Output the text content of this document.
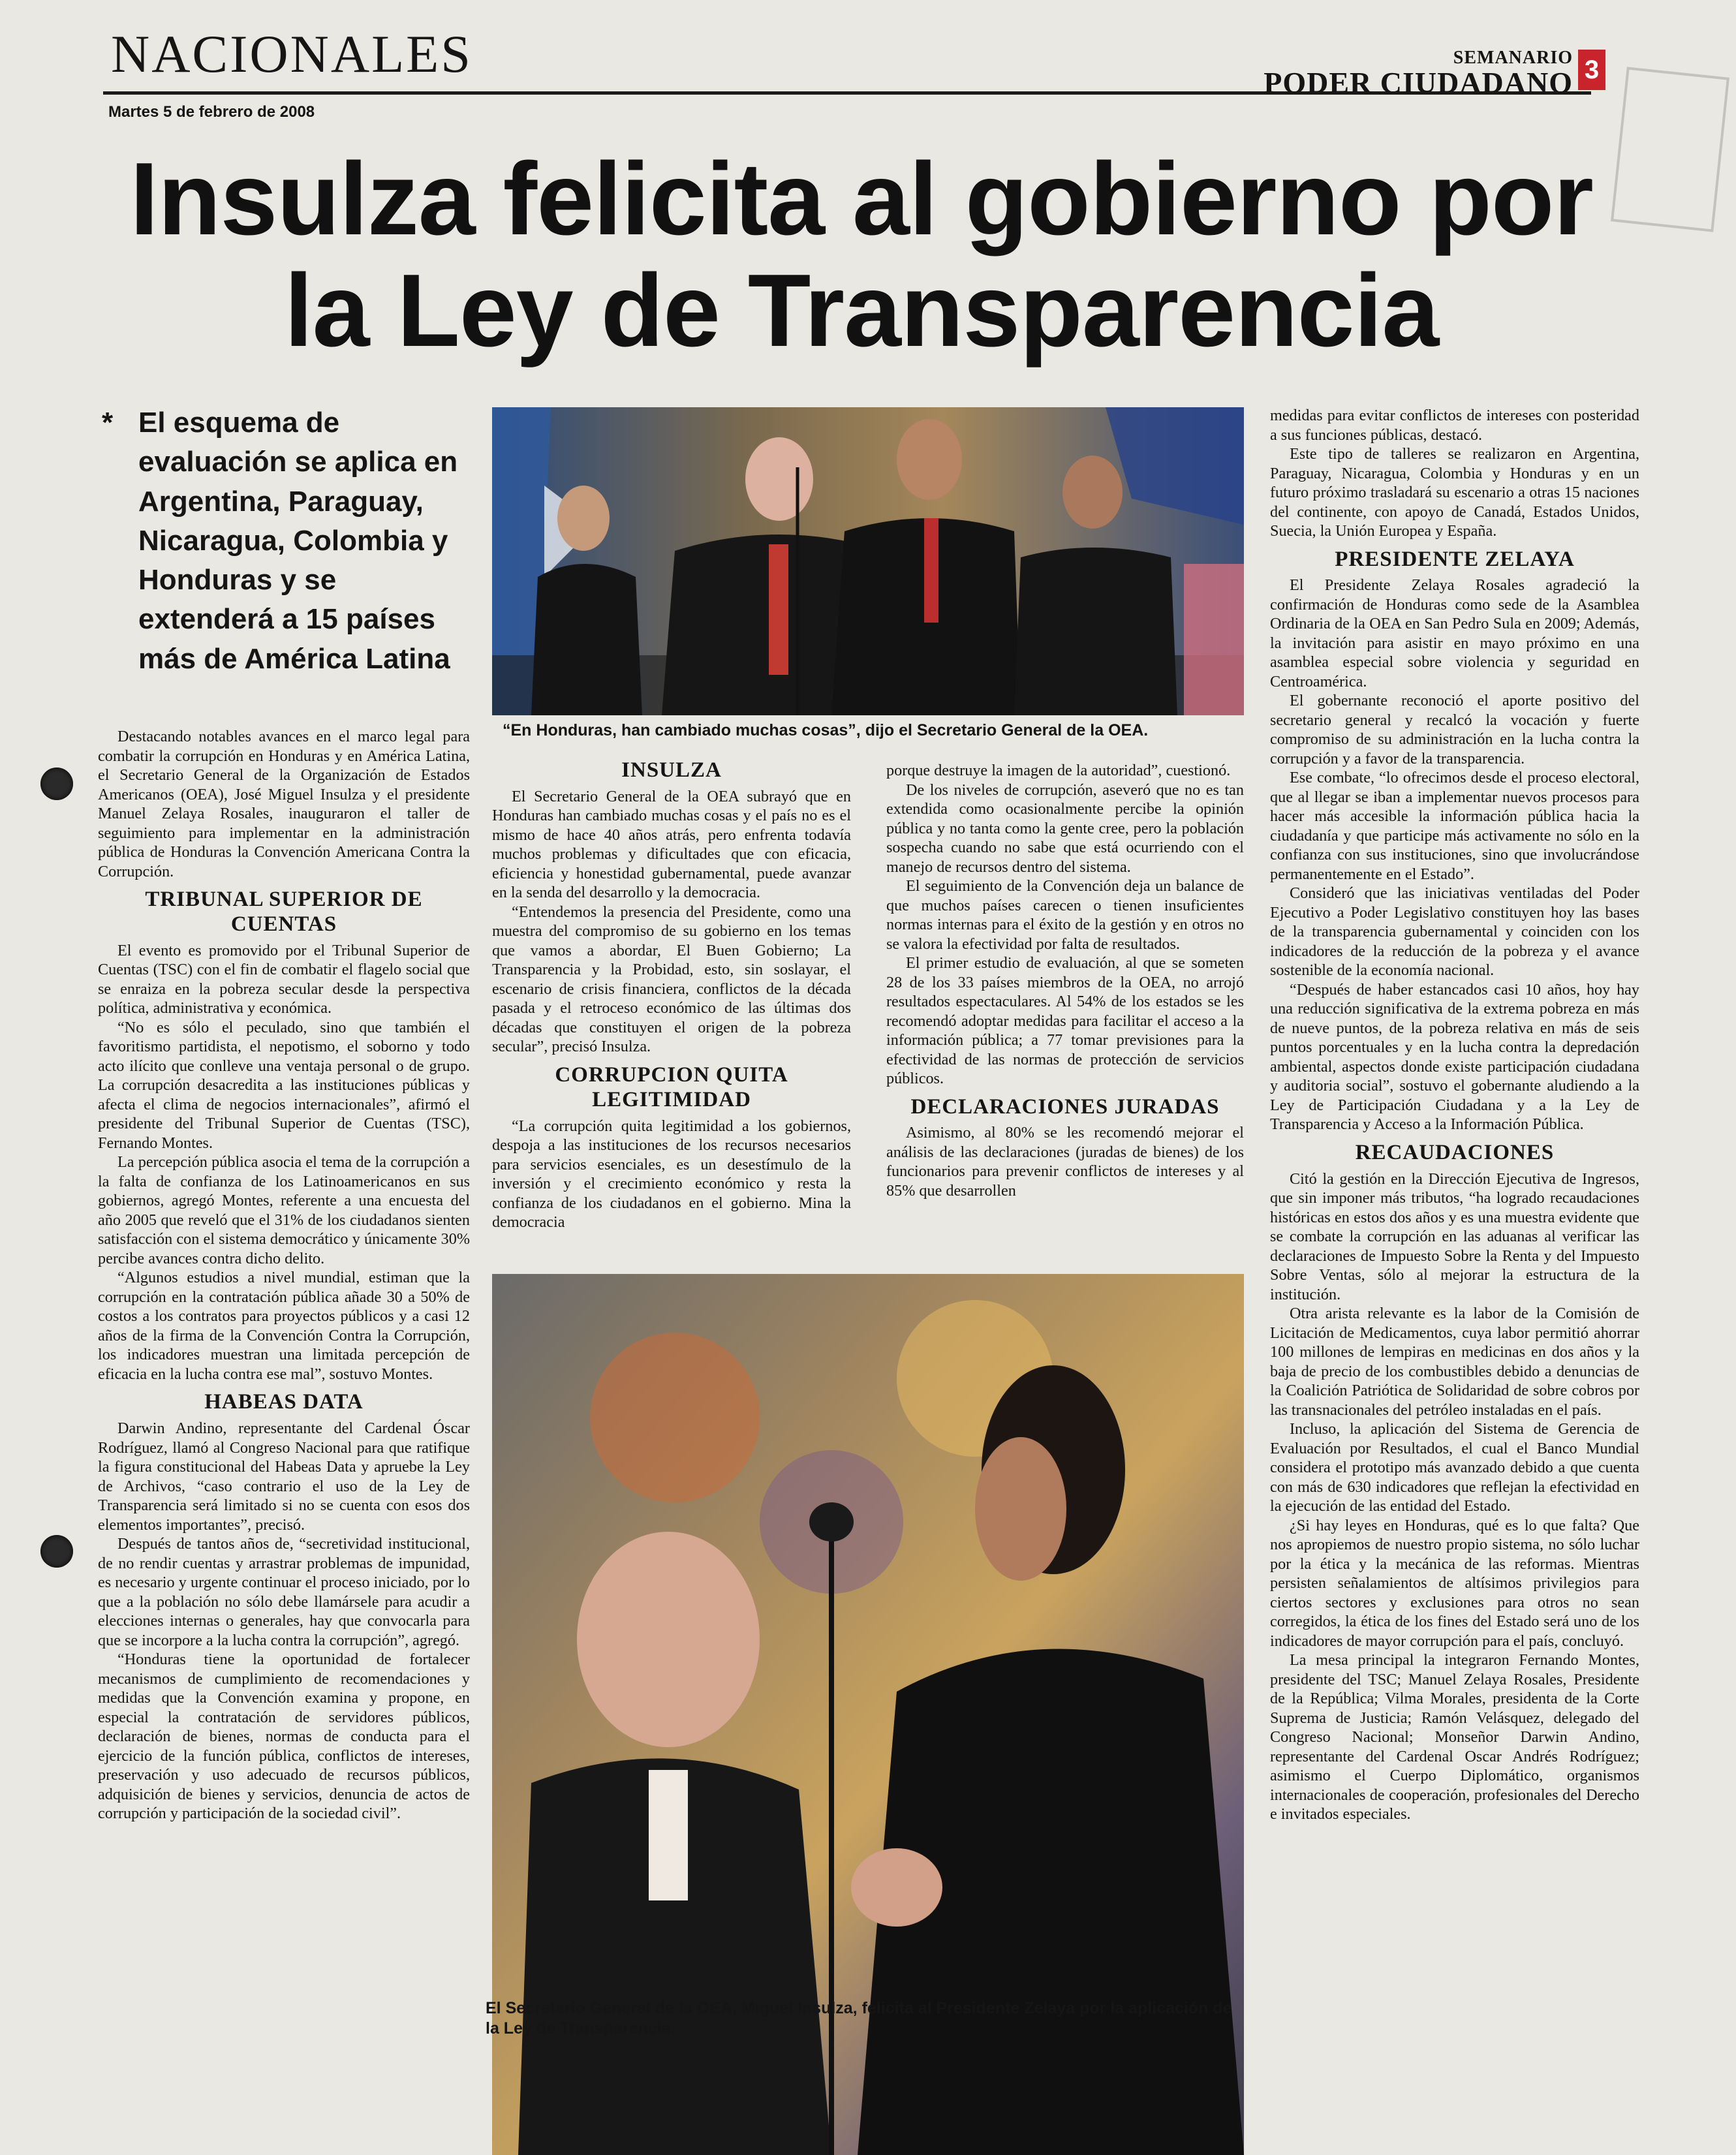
NACIONALES
Martes 5 de febrero de 2008
SEMANARIO
PODER CIUDADANO 3
Insulza felicita al gobierno por la Ley de Transparencia
* El esquema de evaluación se aplica en Argentina, Paraguay, Nicaragua, Colombia y Honduras y se extenderá a 15 países más de América Latina
“En Honduras, han cambiado muchas cosas”, dijo el Secretario General de la OEA.
El Secretario General de la OEA, Miguel Insulza, felicita al Presidente Zelaya por la aplicación de la Ley de Transparencia.

Destacando notables avances en el marco legal para combatir la corrupción en Honduras y en América Latina, el Secretario General de la Organización de Estados Americanos (OEA), José Miguel Insulza y el presidente Manuel Zelaya Rosales, inauguraron el taller de seguimiento para implementar en la administración pública de Honduras la Convención Americana Contra la Corrupción.

TRIBUNAL SUPERIOR DE CUENTAS

El evento es promovido por el Tribunal Superior de Cuentas (TSC) con el fin de combatir el flagelo social que se enraiza en la pobreza secular desde la perspectiva política, administrativa y económica.

“No es sólo el peculado, sino que también el favoritismo partidista, el nepotismo, el soborno y todo acto ilícito que conlleve una ventaja personal o de grupo. La corrupción desacredita a las instituciones públicas y afecta el clima de negocios internacionales”, afirmó el presidente del Tribunal Superior de Cuentas (TSC), Fernando Montes.

La percepción pública asocia el tema de la corrupción a la falta de confianza de los Latinoamericanos en sus gobiernos, agregó Montes, referente a una encuesta del año 2005 que reveló que el 31% de los ciudadanos sienten satisfacción con el sistema democrático y únicamente 30% percibe avances contra dicho delito.

“Algunos estudios a nivel mundial, estiman que la corrupción en la contratación pública añade 30 a 50% de costos a los contratos para proyectos públicos y a casi 12 años de la firma de la Convención Contra la Corrupción, los indicadores muestran una limitada percepción de eficacia en la lucha contra ese mal”, sostuvo Montes.

HABEAS DATA

Darwin Andino, representante del Cardenal Óscar Rodríguez, llamó al Congreso Nacional para que ratifique la figura constitucional del Habeas Data y apruebe la Ley de Archivos, “caso contrario el uso de la Ley de Transparencia será limitado si no se cuenta con esos dos elementos importantes”, precisó.

Después de tantos años de, “secretividad institucional, de no rendir cuentas y arrastrar problemas de impunidad, es necesario y urgente continuar el proceso iniciado, por lo que a la población no sólo debe llamársele para acudir a elecciones internas o generales, hay que convocarla para que se incorpore a la lucha contra la corrupción”, agregó.

“Honduras tiene la oportunidad de fortalecer mecanismos de cumplimiento de recomendaciones y medidas que la Convención examina y propone, en especial la contratación de servidores públicos, declaración de bienes, normas de conducta para el ejercicio de la función pública, conflictos de intereses, preservación y uso adecuado de recursos públicos, adquisición de bienes y servicios, denuncia de actos de corrupción y participación de la sociedad civil”.

INSULZA

El Secretario General de la OEA subrayó que en Honduras han cambiado muchas cosas y el país no es el mismo de hace 40 años atrás, pero enfrenta todavía muchos problemas y dificultades que con eficacia, eficiencia y honestidad gubernamental, puede avanzar en la senda del desarrollo y la democracia.

“Entendemos la presencia del Presidente, como una muestra del compromiso de su gobierno en los temas que vamos a abordar, El Buen Gobierno; La Transparencia y la Probidad, esto, sin soslayar, el escenario de crisis financiera, conflictos de la década pasada y el retroceso económico de las últimas dos décadas que constituyen el origen de la pobreza secular”, precisó Insulza.

CORRUPCION QUITA LEGITIMIDAD

“La corrupción quita legitimidad a los gobiernos, despoja a las instituciones de los recursos necesarios para servicios esenciales, es un desestímulo de la inversión y el crecimiento económico y resta la confianza de los ciudadanos en el gobierno. Mina la democracia

porque destruye la imagen de la autoridad”, cuestionó.

De los niveles de corrupción, aseveró que no es tan extendida como ocasionalmente percibe la opinión pública y no tanta como la gente cree, pero la población sospecha cuando no sabe que está ocurriendo con el manejo de recursos dentro del sistema.

El seguimiento de la Convención deja un balance de que muchos países carecen o tienen insuficientes normas internas para el éxito de la gestión y en otros no se valora la efectividad por falta de resultados.

El primer estudio de evaluación, al que se someten 28 de los 33 países miembros de la OEA, no arrojó resultados espectaculares. Al 54% de los estados se les recomendó adoptar medidas para facilitar el acceso a la información pública; a 77 tomar previsiones para la efectividad de las normas de protección de servicios públicos.

DECLARACIONES JURADAS

Asimismo, al 80% se les recomendó mejorar el análisis de las declaraciones (juradas de bienes) de los funcionarios para prevenir conflictos de intereses y al 85% que desarrollen

medidas para evitar conflictos de intereses con posteridad a sus funciones públicas, destacó.

Este tipo de talleres se realizaron en Argentina, Paraguay, Nicaragua, Colombia y Honduras y en un futuro próximo trasladará su escenario a otras 15 naciones del continente, con apoyo de Canadá, Estados Unidos, Suecia, la Unión Europea y España.

PRESIDENTE ZELAYA

El Presidente Zelaya Rosales agradeció la confirmación de Honduras como sede de la Asamblea Ordinaria de la OEA en San Pedro Sula en 2009; Además, la invitación para asistir en mayo próximo en una asamblea especial sobre violencia y seguridad en Centroamérica.

El gobernante reconoció el aporte positivo del secretario general y recalcó la vocación y fuerte compromiso de su administración en la lucha contra la corrupción y a favor de la transparencia.

Ese combate, “lo ofrecimos desde el proceso electoral, que al llegar se iban a implementar nuevos procesos para hacer más accesible la información pública hacia la ciudadanía y que participe más activamente no sólo en la confianza con sus instituciones, sino que involucrándose permanentemente en el Estado”.

Consideró que las iniciativas ventiladas del Poder Ejecutivo a Poder Legislativo constituyen hoy las bases de la transparencia gubernamental y coinciden con los indicadores de la reducción de la pobreza y el avance sostenible de la economía nacional.

“Después de haber estancados casi 10 años, hoy hay una reducción significativa de la extrema pobreza en más de nueve puntos, de la pobreza relativa en más de seis puntos porcentuales y en la lucha contra la depredación ambiental, aspectos donde existe participación ciudadana y auditoria social”, sostuvo el gobernante aludiendo a la Ley de Participación Ciudadana y a la Ley de Transparencia y Acceso a la Información Pública.

RECAUDACIONES

Citó la gestión en la Dirección Ejecutiva de Ingresos, que sin imponer más tributos, “ha logrado recaudaciones históricas en estos dos años y es una muestra evidente que se combate la corrupción en las aduanas al verificar las declaraciones de Impuesto Sobre la Renta y del Impuesto Sobre Ventas, sólo al mejorar la estructura de la institución.

Otra arista relevante es la labor de la Comisión de Licitación de Medicamentos, cuya labor permitió ahorrar 100 millones de lempiras en medicinas en dos años y la baja de precio de los combustibles debido a denuncias de la Coalición Patriótica de Solidaridad de sobre cobros por las transnacionales del petróleo instaladas en el país.

Incluso, la aplicación del Sistema de Gerencia de Evaluación por Resultados, el cual el Banco Mundial considera el prototipo más avanzado debido a que cuenta con más de 630 indicadores que reflejan la efectividad en la ejecución de las entidad del Estado.

¿Si hay leyes en Honduras, qué es lo que falta? Que nos apropiemos de nuestro propio sistema, no sólo luchar por la ética y la mecánica de las reformas. Mientras persisten señalamientos de altísimos privilegios para ciertos sectores y exclusiones para otros no sean corregidos, la ética de los fines del Estado será uno de los indicadores de mayor corrupción para el país, concluyó.

La mesa principal la integraron Fernando Montes, presidente del TSC; Manuel Zelaya Rosales, Presidente de la República; Vilma Morales, presidenta de la Corte Suprema de Justicia; Ramón Velásquez, delegado del Congreso Nacional; Monseñor Darwin Andino, representante del Cardenal Oscar Andrés Rodríguez; asimismo el Cuerpo Diplomático, organismos internacionales de cooperación, profesionales del Derecho e invitados especiales.
